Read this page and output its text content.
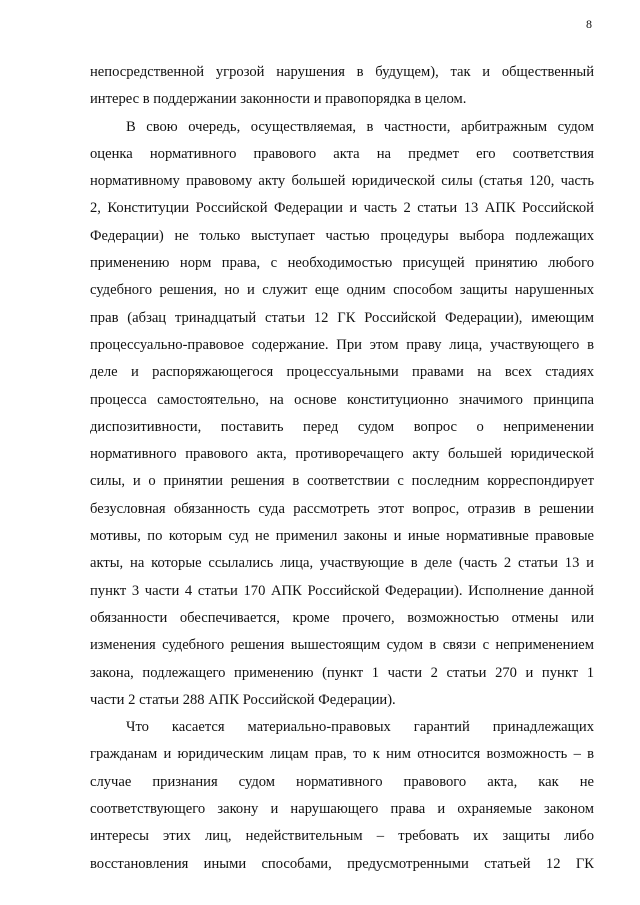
8
непосредственной угрозой нарушения в будущем), так и общественный
интерес в поддержании законности и правопорядка в целом.
В свою очередь, осуществляемая, в частности, арбитражным судом
оценка нормативного правового акта на предмет его соответствия
нормативному правовому акту большей юридической силы (статья 120, часть
2, Конституции Российской Федерации и часть 2 статьи 13 АПК Российской
Федерации) не только выступает частью процедуры выбора подлежащих
применению норм права, с необходимостью присущей принятию любого
судебного решения, но и служит еще одним способом защиты нарушенных
прав (абзац тринадцатый статьи 12 ГК Российской Федерации), имеющим
процессуально-правовое содержание. При этом праву лица, участвующего в
деле и распоряжающегося процессуальными правами на всех стадиях
процесса самостоятельно, на основе конституционно значимого принципа
диспозитивности, поставить перед судом вопрос о неприменении
нормативного правового акта, противоречащего акту большей юридической
силы, и о принятии решения в соответствии с последним корреспондирует
безусловная обязанность суда рассмотреть этот вопрос, отразив в решении
мотивы, по которым суд не применил законы и иные нормативные правовые
акты, на которые ссылались лица, участвующие в деле (часть 2 статьи 13 и
пункт 3 части 4 статьи 170 АПК Российской Федерации). Исполнение данной
обязанности обеспечивается, кроме прочего, возможностью отмены или
изменения судебного решения вышестоящим судом в связи с неприменением
закона, подлежащего применению (пункт 1 части 2 статьи 270 и пункт 1
части 2 статьи 288 АПК Российской Федерации).
Что касается материально-правовых гарантий принадлежащих
гражданам и юридическим лицам прав, то к ним относится возможность – в
случае признания судом нормативного правового акта, как не
соответствующего закону и нарушающего права и охраняемые законом
интересы этих лиц, недействительным – требовать их защиты либо
восстановления иными способами, предусмотренными статьей 12 ГК
